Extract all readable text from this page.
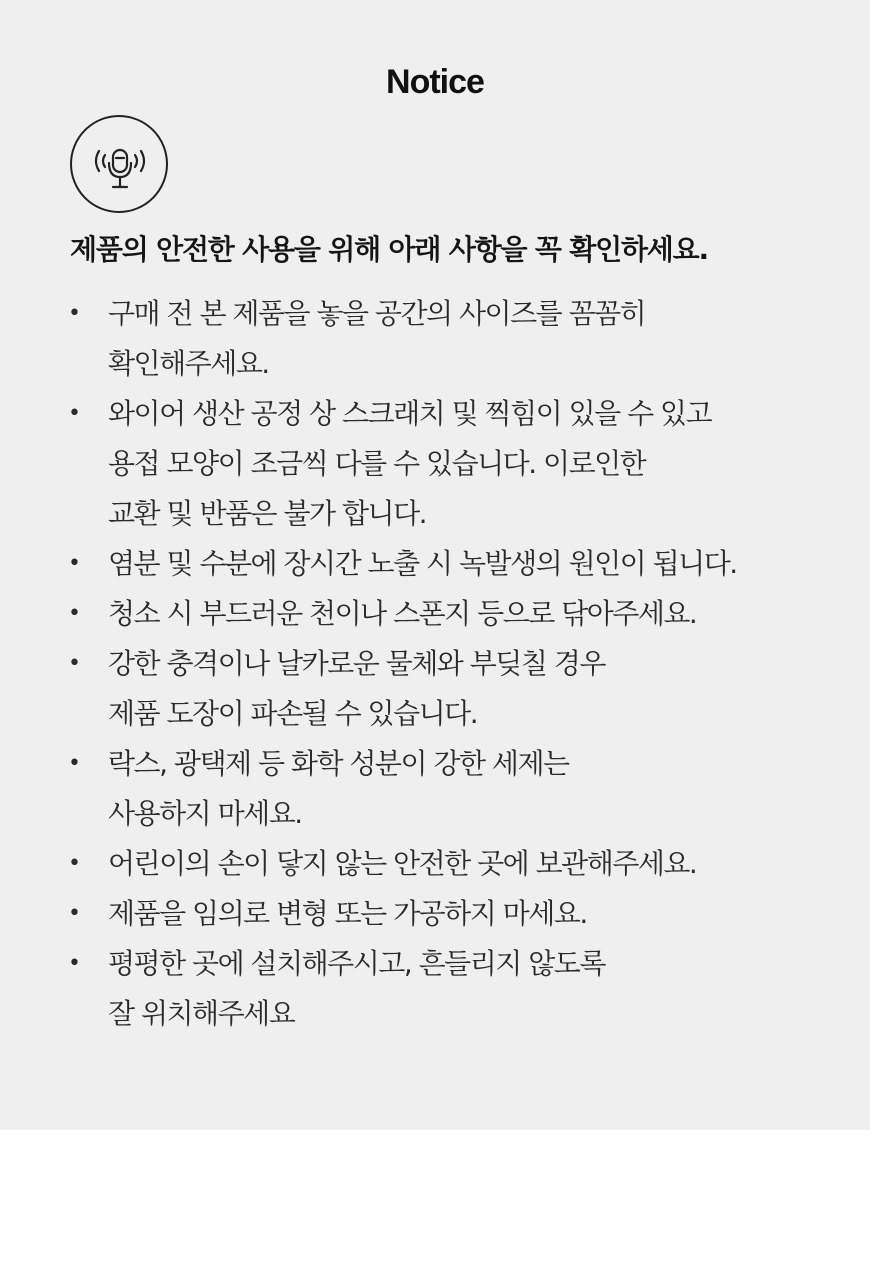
Notice
제품의 안전한 사용을 위해 아래 사항을 꼭 확인하세요.
• 구매 전 본 제품을 놓을 공간의 사이즈를 꼼꼼히
확인해주세요.
• 와이어 생산 공정 상 스크래치 및 찍힘이 있을 수 있고
용접 모양이 조금씩 다를 수 있습니다. 이로인한
교환 및 반품은 불가 합니다.
• 염분 및 수분에 장시간 노출 시 녹발생의 원인이 됩니다.
• 청소 시 부드러운 천이나 스폰지 등으로 닦아주세요.
• 강한 충격이나 날카로운 물체와 부딪칠 경우
제품 도장이 파손될 수 있습니다.
• 락스, 광택제 등 화학 성분이 강한 세제는
사용하지 마세요.
• 어린이의 손이 닿지 않는 안전한 곳에 보관해주세요.
• 제품을 임의로 변형 또는 가공하지 마세요.
• 평평한 곳에 설치해주시고, 흔들리지 않도록
잘 위치해주세요
